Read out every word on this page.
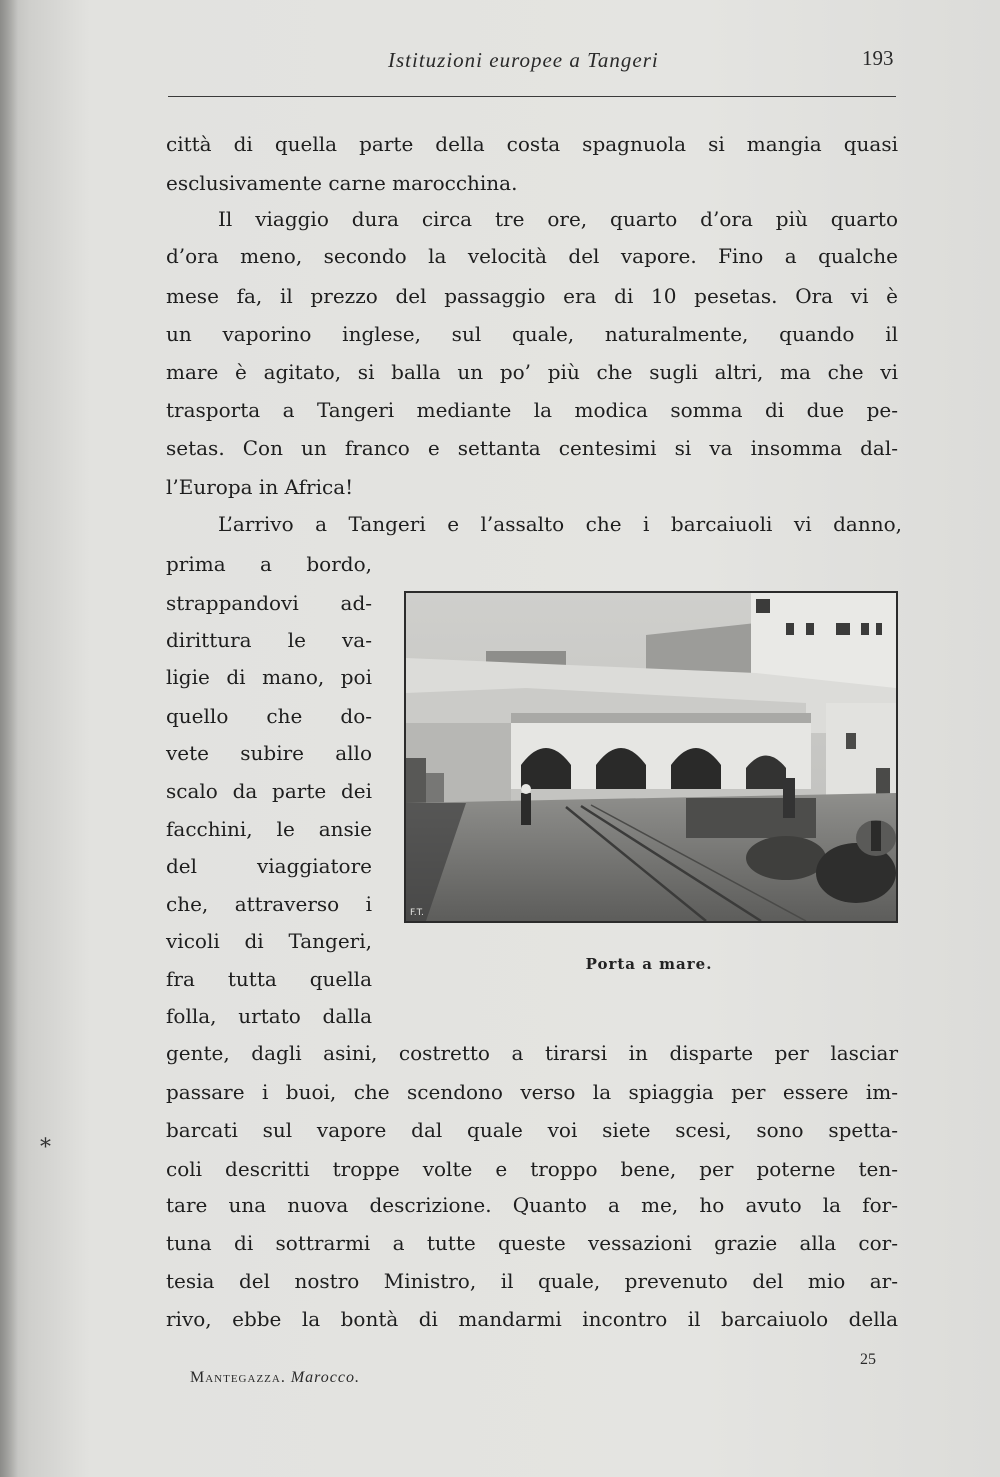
Istituzioni europee a Tangeri	193
città di quella parte della costa spagnuola si mangia quasi
esclusivamente carne marocchina.
Il viaggio dura circa tre ore, quarto d’ora più quarto
d’ora meno, secondo la velocità del vapore. Fino a qualche
mese fa, il prezzo del passaggio era di 10 pesetas. Ora vi è
un vaporino inglese, sul quale, naturalmente, quando il
mare è agitato, si balla un po’ più che sugli altri, ma che vi
trasporta a Tangeri mediante la modica somma di due pe-
setas. Con un franco e settanta centesimi si va insomma dal-
l’Europa in Africa!
L’arrivo a Tangeri e l’assalto che i barcaiuoli vi danno,
prima a bordo,
strappandovi ad-
dirittura le va-
ligie di mano, poi
quello che do-
vete subire allo
scalo da parte dei
facchini, le ansie
del viaggiatore
che, attraverso i
vicoli di Tangeri,
fra tutta quella
folla, urtato dalla
F.T.
Porta a mare.
gente, dagli asini, costretto a tirarsi in disparte per lasciar
passare i buoi, che scendono verso la spiaggia per essere im-
barcati sul vapore dal quale voi siete scesi, sono spetta-
coli descritti troppe volte e troppo bene, per poterne ten-
tare una nuova descrizione. Quanto a me, ho avuto la for-
tuna di sottrarmi a tutte queste vessazioni grazie alla cor-
tesia del nostro Ministro, il quale, prevenuto del mio ar-
rivo, ebbe la bontà di mandarmi incontro il barcaiuolo della
⁎
Mantegazza. Marocco.
25
